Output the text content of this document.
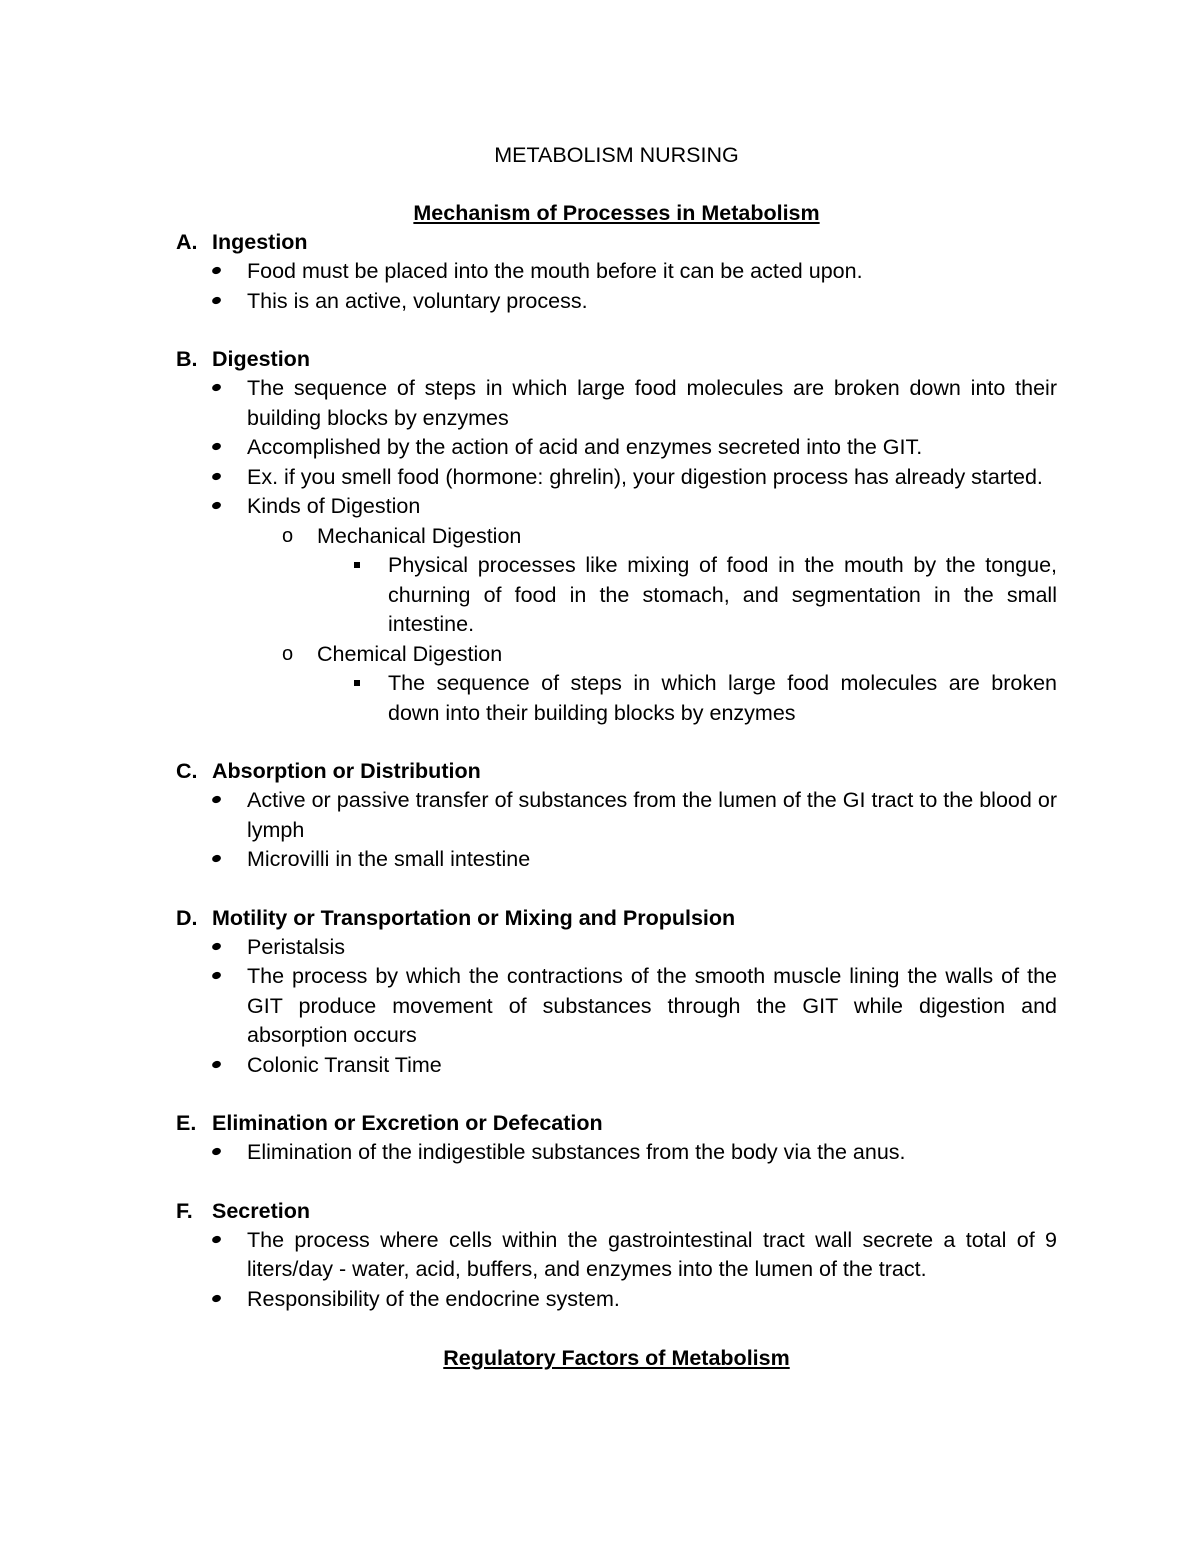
METABOLISM NURSING
Mechanism of Processes in Metabolism
A. Ingestion
Food must be placed into the mouth before it can be acted upon.
This is an active, voluntary process.
B. Digestion
The sequence of steps in which large food molecules are broken down into their building blocks by enzymes
Accomplished by the action of acid and enzymes secreted into the GIT.
Ex. if you smell food (hormone: ghrelin), your digestion process has already started.
Kinds of Digestion
o Mechanical Digestion
Physical processes like mixing of food in the mouth by the tongue, churning of food in the stomach, and segmentation in the small intestine.
o Chemical Digestion
The sequence of steps in which large food molecules are broken down into their building blocks by enzymes
C. Absorption or Distribution
Active or passive transfer of substances from the lumen of the GI tract to the blood or lymph
Microvilli in the small intestine
D. Motility or Transportation or Mixing and Propulsion
Peristalsis
The process by which the contractions of the smooth muscle lining the walls of the GIT produce movement of substances through the GIT while digestion and absorption occurs
Colonic Transit Time
E. Elimination or Excretion or Defecation
Elimination of the indigestible substances from the body via the anus.
F. Secretion
The process where cells within the gastrointestinal tract wall secrete a total of 9 liters/day - water, acid, buffers, and enzymes into the lumen of the tract.
Responsibility of the endocrine system.
Regulatory Factors of Metabolism
